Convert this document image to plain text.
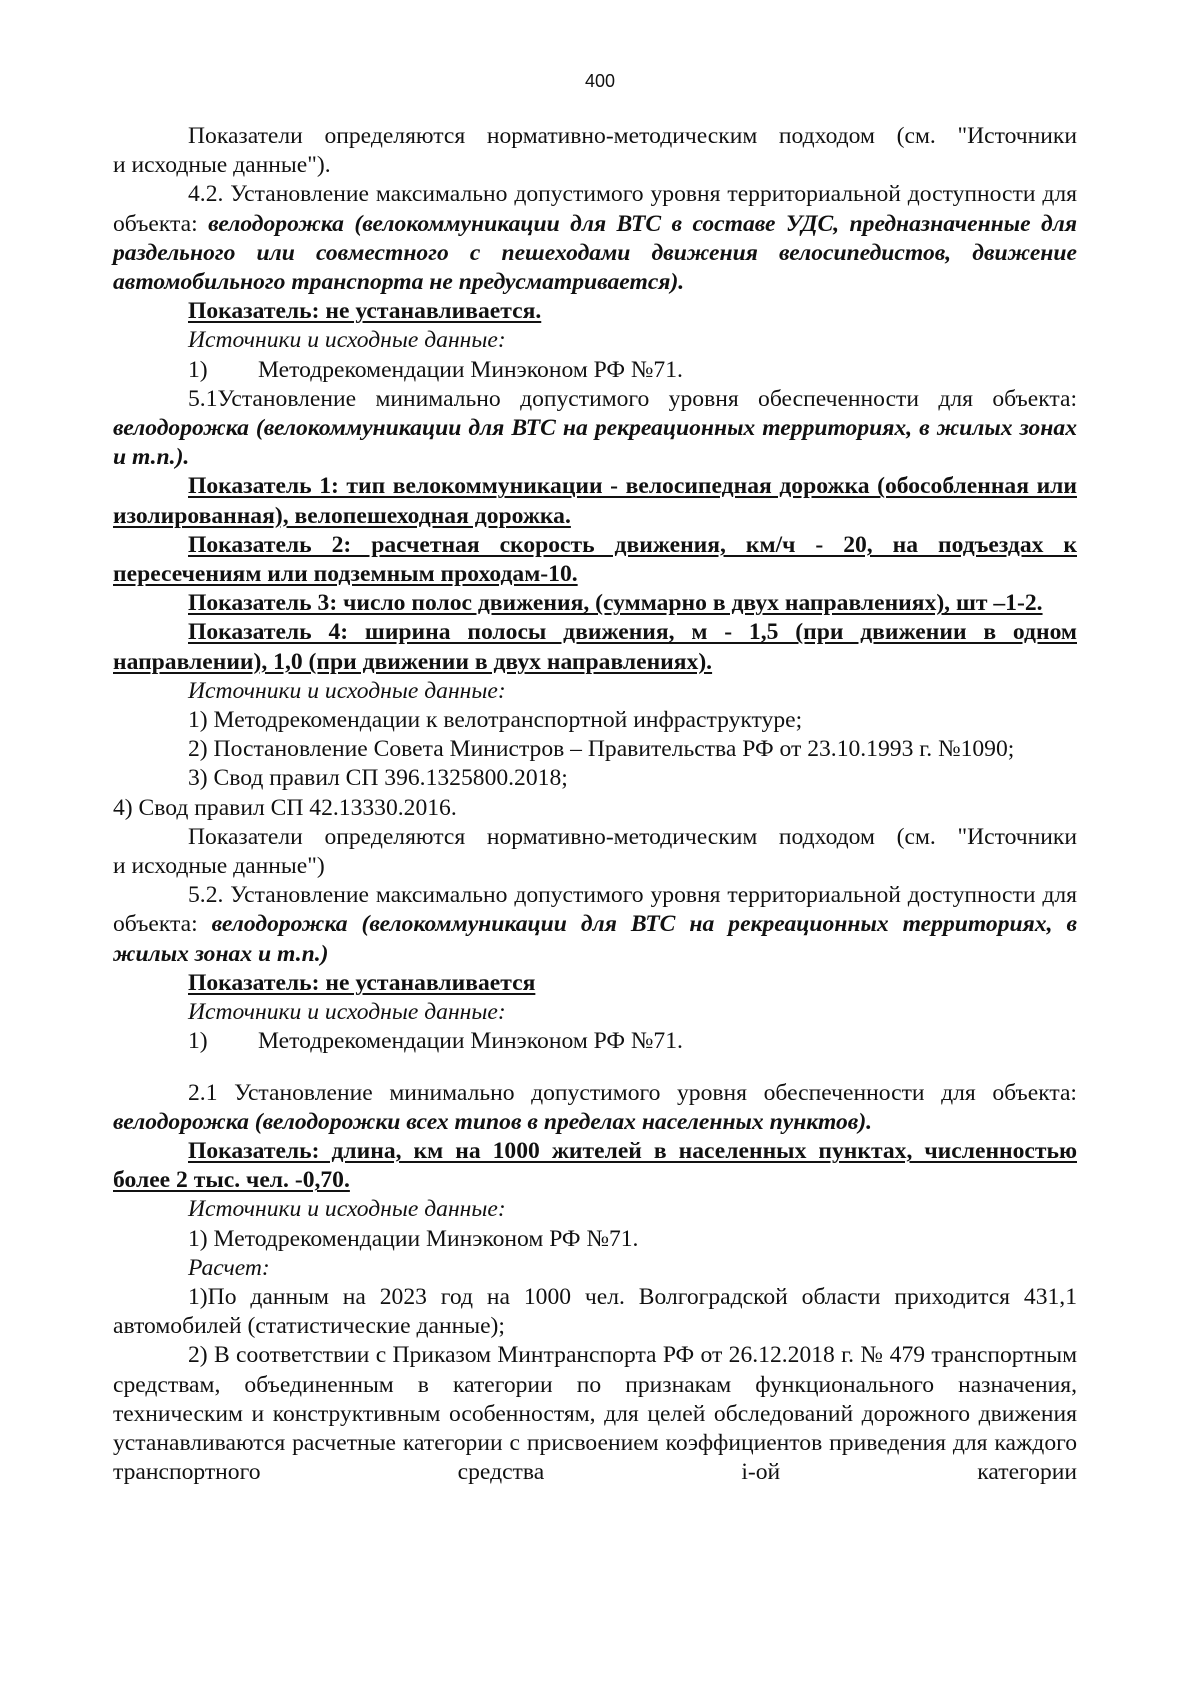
400

Показатели определяются нормативно-методическим подходом (см. "Источники

и исходные данные").

4.2. Установление максимально допустимого уровня территориальной доступности для объекта: велодорожка (велокоммуникации для ВТС в составе УДС, предназначенные для раздельного или совместного с пешеходами движения велосипедистов, движение автомобильного транспорта не предусматривается).

Показатель: не устанавливается.

Источники и исходные данные:

1) Методрекомендации Минэконом РФ №71.

5.1Установление минимально допустимого уровня обеспеченности для объекта: велодорожка (велокоммуникации для ВТС на рекреационных территориях, в жилых зонах и т.п.).

Показатель 1: тип велокоммуникации - велосипедная дорожка (обособленная или изолированная), велопешеходная дорожка.

Показатель 2: расчетная скорость движения, км/ч - 20, на подъездах к пересечениям или подземным проходам-10.

Показатель 3: число полос движения, (суммарно в двух направлениях), шт –1-2.

Показатель 4: ширина полосы движения, м - 1,5 (при движении в одном направлении), 1,0 (при движении в двух направлениях).

Источники и исходные данные:

1) Методрекомендации к велотранспортной инфраструктуре;

2) Постановление Совета Министров – Правительства РФ от 23.10.1993 г. №1090;

3) Свод правил СП 396.1325800.2018;

4) Свод правил СП 42.13330.2016.

Показатели определяются нормативно-методическим подходом (см. "Источники

и исходные данные")

5.2. Установление максимально допустимого уровня территориальной доступности для объекта: велодорожка (велокоммуникации для ВТС на рекреационных территориях, в жилых зонах и т.п.)

Показатель: не устанавливается

Источники и исходные данные:

1) Методрекомендации Минэконом РФ №71.

2.1 Установление минимально допустимого уровня обеспеченности для объекта: велодорожка (велодорожки всех типов в пределах населенных пунктов).

Показатель: длина, км на 1000 жителей в населенных пунктах, численностью более 2 тыс. чел. -0,70.

Источники и исходные данные:

1) Методрекомендации Минэконом РФ №71.

Расчет:

1)По данным на 2023 год на 1000 чел. Волгоградской области приходится 431,1 автомобилей (статистические данные);

2) В соответствии с Приказом Минтранспорта РФ от 26.12.2018 г. № 479 транспортным средствам, объединенным в категории по признакам функционального назначения, техническим и конструктивным особенностям, для целей обследований дорожного движения устанавливаются расчетные категории с присвоением коэффициентов приведения для каждого транспортного средства i-ой категории
